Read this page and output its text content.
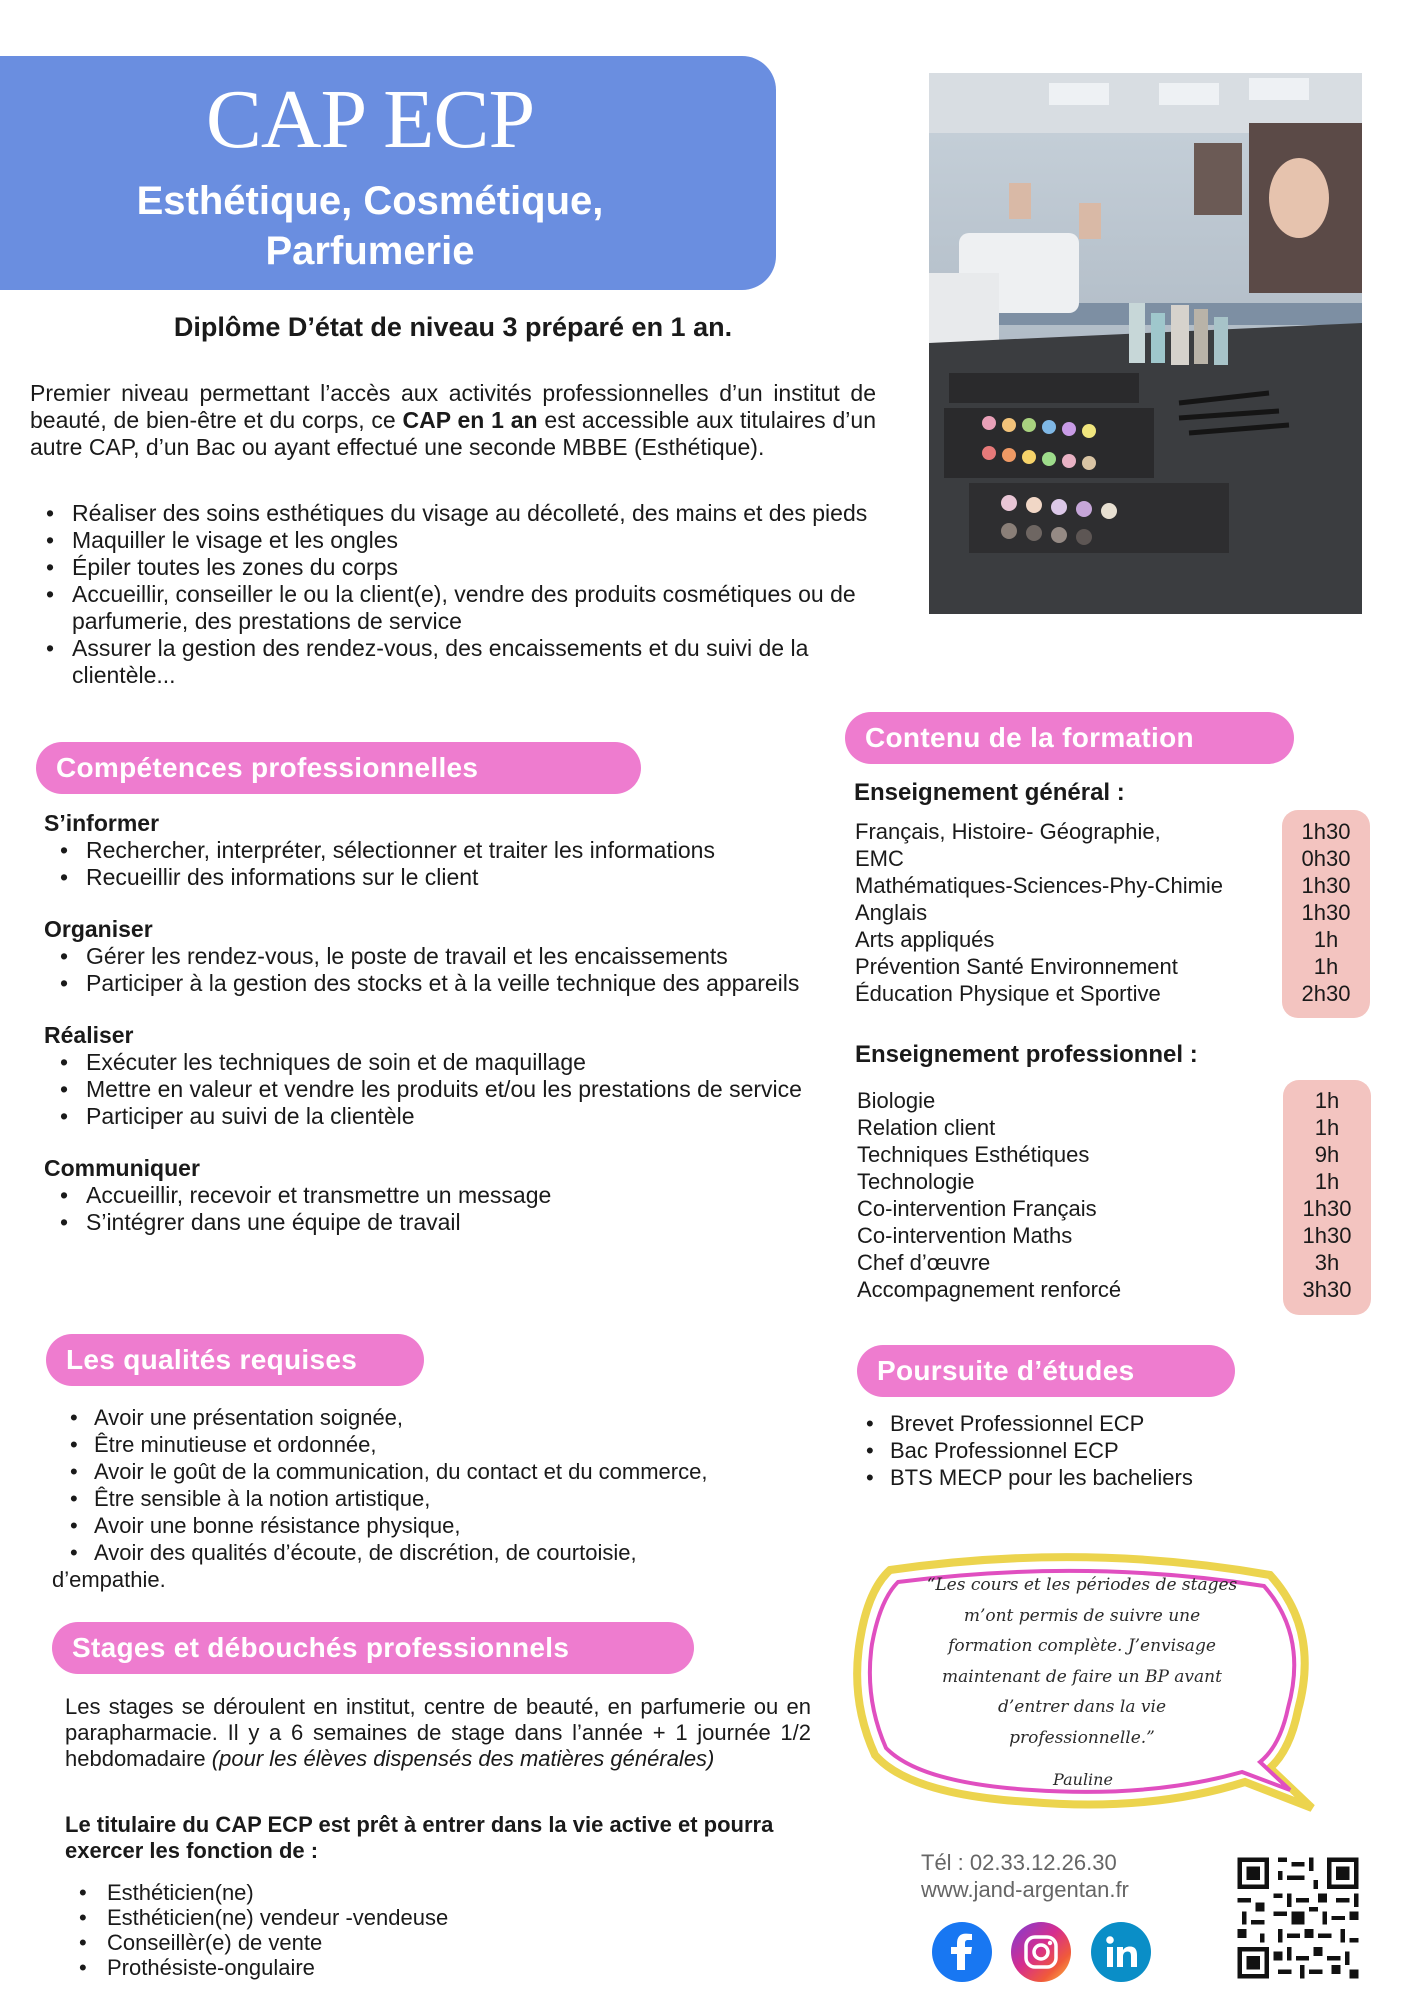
CAP ECP
Esthétique, Cosmétique,
Parfumerie
Diplôme D’état de niveau 3 préparé en 1 an.
Premier niveau permettant l’accès aux activités professionnelles d’un institut de beauté, de bien-être et du corps, ce CAP en 1 an est accessible aux titulaires d’un autre CAP, d’un Bac ou ayant effectué une seconde MBBE (Esthétique).
• Réaliser des soins esthétiques du visage au décolleté, des mains et des pieds
• Maquiller le visage et les ongles
• Épiler toutes les zones du corps
• Accueillir, conseiller le ou la client(e), vendre des produits cosmétiques ou de parfumerie, des prestations de service
• Assurer la gestion des rendez-vous, des encaissements et du suivi de la clientèle...
Compétences professionnelles
S’informer
• Rechercher, interpréter, sélectionner et traiter les informations
• Recueillir des informations sur le client
Organiser
• Gérer les rendez-vous, le poste de travail et les encaissements
• Participer à la gestion des stocks et à la veille technique des appareils
Réaliser
• Exécuter les techniques de soin et de maquillage
• Mettre en valeur et vendre les produits et/ou les prestations de service
• Participer au suivi de la clientèle
Communiquer
• Accueillir, recevoir et transmettre un message
• S’intégrer dans une équipe de travail
Les qualités requises
• Avoir une présentation soignée,
• Être minutieuse et ordonnée,
• Avoir le goût de la communication, du contact et du commerce,
• Être sensible à la notion artistique,
• Avoir une bonne résistance physique,
• Avoir des qualités d’écoute, de discrétion, de courtoisie,
d’empathie.
Stages et débouchés professionnels
Les stages se déroulent en institut, centre de beauté, en parfumerie ou en parapharmacie. Il y a 6 semaines de stage dans l’année + 1 journée 1/2 hebdomadaire (pour les élèves dispensés des matières générales)
Le titulaire du CAP ECP est prêt à entrer dans la vie active et pourra exercer les fonction de :
• Esthéticien(ne)
• Esthéticien(ne) vendeur -vendeuse
• Conseillèr(e) de vente
• Prothésiste-ongulaire
Contenu de la formation
Enseignement général :
Français, Histoire- Géographie,
EMC
Mathématiques-Sciences-Phy-Chimie
Anglais
Arts appliqués
Prévention Santé Environnement
Éducation Physique et Sportive
1h30
0h30
1h30
1h30
1h
1h
2h30
Enseignement professionnel :
Biologie
Relation client
Techniques Esthétiques
Technologie
Co-intervention Français
Co-intervention Maths
Chef d’œuvre
Accompagnement renforcé
1h
1h
9h
1h
1h30
1h30
3h
3h30
Poursuite d’études
• Brevet Professionnel ECP
• Bac Professionnel ECP
• BTS MECP pour les bacheliers
“Les cours et les périodes de stages
m’ont permis de suivre une
formation complète. J’envisage
maintenant de faire un BP avant
d’entrer dans la vie
professionnelle.”
Pauline
Tél : 02.33.12.26.30
www.jand-argentan.fr
